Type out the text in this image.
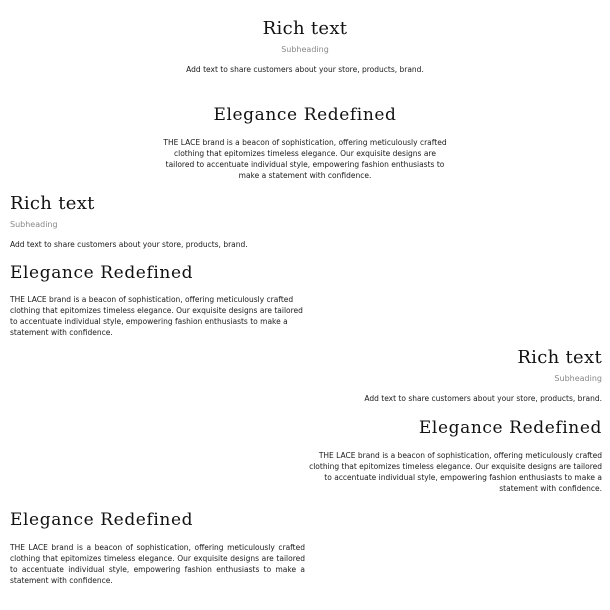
Rich text

Subheading

Add text to share customers about your store, products, brand.

Elegance Redefined

THE LACE brand is a beacon of sophistication, offering meticulously crafted clothing that epitomizes timeless elegance. Our exquisite designs are tailored to accentuate individual style, empowering fashion enthusiasts to make a statement with confidence.

Rich text

Subheading

Add text to share customers about your store, products, brand.

Elegance Redefined

THE LACE brand is a beacon of sophistication, offering meticulously crafted clothing that epitomizes timeless elegance. Our exquisite designs are tailored to accentuate individual style, empowering fashion enthusiasts to make a statement with confidence.

Rich text

Subheading

Add text to share customers about your store, products, brand.

Elegance Redefined

THE LACE brand is a beacon of sophistication, offering meticulously crafted clothing that epitomizes timeless elegance. Our exquisite designs are tailored to accentuate individual style, empowering fashion enthusiasts to make a statement with confidence.

Elegance Redefined

THE LACE brand is a beacon of sophistication, offering meticulously crafted clothing that epitomizes timeless elegance. Our exquisite designs are tailored to accentuate individual style, empowering fashion enthusiasts to make a statement with confidence.
